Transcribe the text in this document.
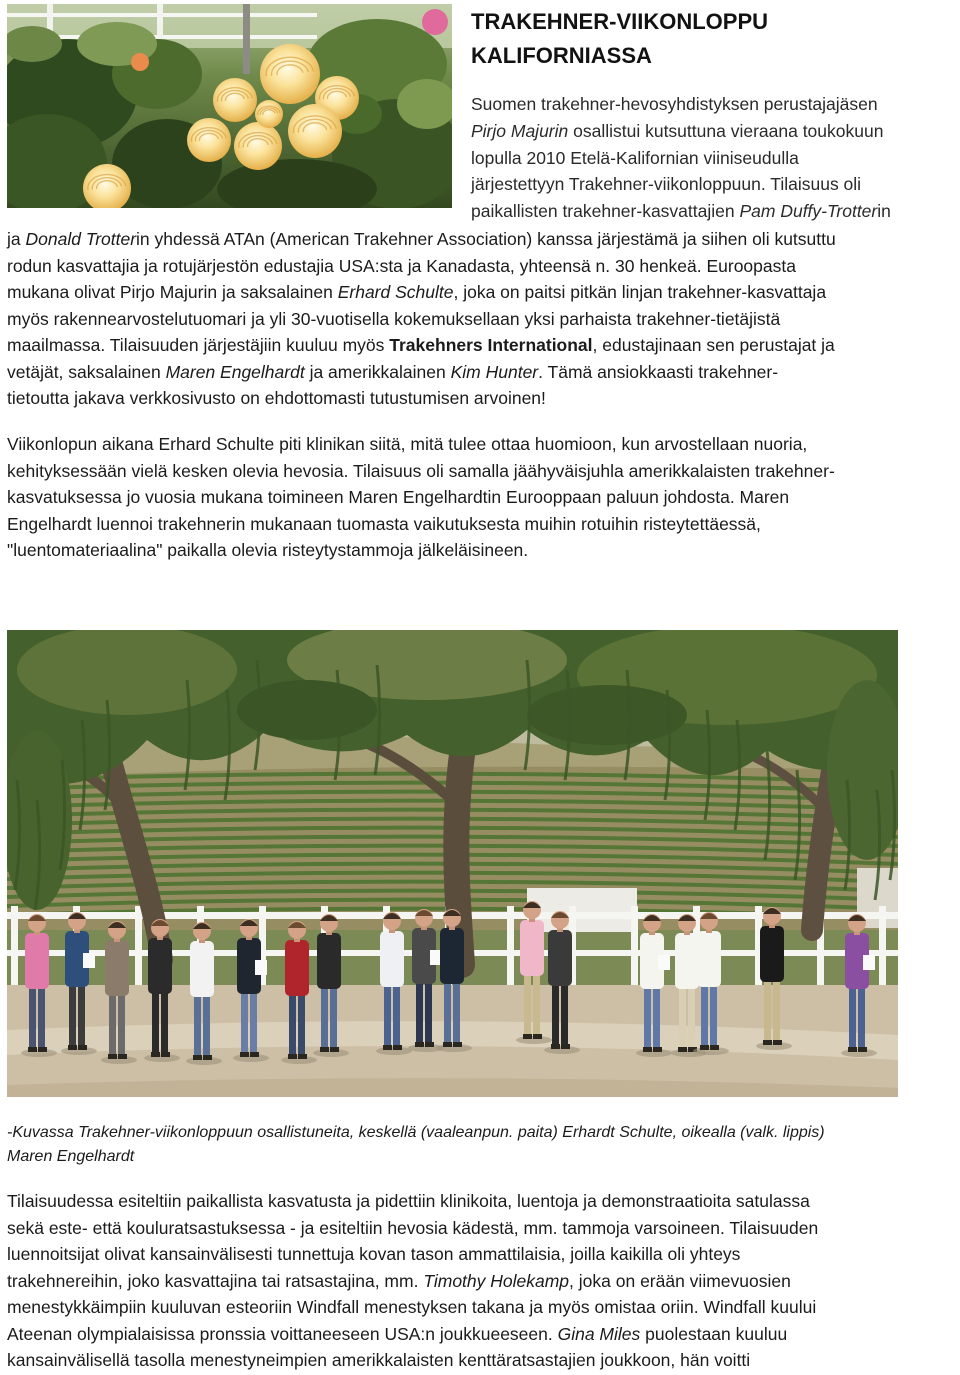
TRAKEHNER-VIIKONLOPPU
KALIFORNIASSA
Suomen trakehner-hevosyhdistyksen perustajajäsen
Pirjo Majurin osallistui kutsuttuna vieraana toukokuun
lopulla 2010 Etelä-Kalifornian viiniseudulla
järjestettyyn Trakehner-viikonloppuun. Tilaisuus oli
paikallisten trakehner-kasvattajien Pam Duffy-Trotterin
ja Donald Trotterin yhdessä ATAn (American Trakehner Association) kanssa järjestämä ja siihen oli kutsuttu
rodun kasvattajia ja rotujärjestön edustajia USA:sta ja Kanadasta, yhteensä n. 30 henkeä. Euroopasta
mukana olivat Pirjo Majurin ja saksalainen Erhard Schulte, joka on paitsi pitkän linjan trakehner-kasvattaja
myös rakennearvostelutuomari ja yli 30-vuotisella kokemuksellaan yksi parhaista trakehner-tietäjistä
maailmassa. Tilaisuuden järjestäjiin kuuluu myös Trakehners International, edustajinaan sen perustajat ja
vetäjät, saksalainen Maren Engelhardt ja amerikkalainen Kim Hunter. Tämä ansiokkaasti trakehner-
tietoutta jakava verkkosivusto on ehdottomasti tutustumisen arvoinen!
Viikonlopun aikana Erhard Schulte piti klinikan siitä, mitä tulee ottaa huomioon, kun arvostellaan nuoria,
kehityksessään vielä kesken olevia hevosia. Tilaisuus oli samalla jäähyväisjuhla amerikkalaisten trakehner-
kasvatuksessa jo vuosia mukana toimineen Maren Engelhardtin Eurooppaan paluun johdosta. Maren
Engelhardt luennoi trakehnerin mukanaan tuomasta vaikutuksesta muihin rotuihin risteytettäessä,
"luentomateriaalina" paikalla olevia risteytystammoja jälkeläisineen.
-Kuvassa Trakehner-viikonloppuun osallistuneita, keskellä (vaaleanpun. paita) Erhardt Schulte, oikealla (valk. lippis)
Maren Engelhardt
Tilaisuudessa esiteltiin paikallista kasvatusta ja pidettiin klinikoita, luentoja ja demonstraatioita satulassa
sekä este- että kouluratsastuksessa - ja esiteltiin hevosia kädestä, mm. tammoja varsoineen. Tilaisuuden
luennoitsijat olivat kansainvälisesti tunnettuja kovan tason ammattilaisia, joilla kaikilla oli yhteys
trakehnereihin, joko kasvattajina tai ratsastajina, mm. Timothy Holekamp, joka on erään viimevuosien
menestykkäimpiin kuuluvan esteoriin Windfall menestyksen takana ja myös omistaa oriin. Windfall kuului
Ateenan olympialaisissa pronssia voittaneeseen USA:n joukkueeseen. Gina Miles puolestaan kuuluu
kansainvälisellä tasolla menestyneimpien amerikkalaisten kenttäratsastajien joukkoon, hän voitti
